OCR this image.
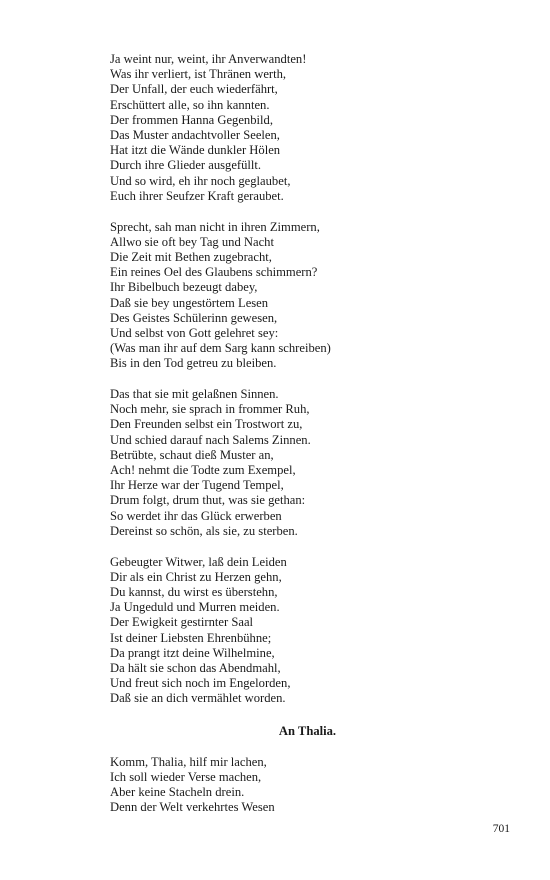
Ja weint nur, weint, ihr Anverwandten!
Was ihr verliert, ist Thränen werth,
Der Unfall, der euch wiederfährt,
Erschüttert alle, so ihn kannten.
Der frommen Hanna Gegenbild,
Das Muster andachtvoller Seelen,
Hat itzt die Wände dunkler Hölen
Durch ihre Glieder ausgefüllt.
Und so wird, eh ihr noch geglaubet,
Euch ihrer Seufzer Kraft geraubet.
Sprecht, sah man nicht in ihren Zimmern,
Allwo sie oft bey Tag und Nacht
Die Zeit mit Bethen zugebracht,
Ein reines Oel des Glaubens schimmern?
Ihr Bibelbuch bezeugt dabey,
Daß sie bey ungestörtem Lesen
Des Geistes Schülerinn gewesen,
Und selbst von Gott gelehret sey:
(Was man ihr auf dem Sarg kann schreiben)
Bis in den Tod getreu zu bleiben.
Das that sie mit gelaßnen Sinnen.
Noch mehr, sie sprach in frommer Ruh,
Den Freunden selbst ein Trostwort zu,
Und schied darauf nach Salems Zinnen.
Betrübte, schaut dieß Muster an,
Ach! nehmt die Todte zum Exempel,
Ihr Herze war der Tugend Tempel,
Drum folgt, drum thut, was sie gethan:
So werdet ihr das Glück erwerben
Dereinst so schön, als sie, zu sterben.
Gebeugter Witwer, laß dein Leiden
Dir als ein Christ zu Herzen gehn,
Du kannst, du wirst es überstehn,
Ja Ungeduld und Murren meiden.
Der Ewigkeit gestirnter Saal
Ist deiner Liebsten Ehrenbühne;
Da prangt itzt deine Wilhelmine,
Da hält sie schon das Abendmahl,
Und freut sich noch im Engelorden,
Daß sie an dich vermählet worden.
An Thalia.
Komm, Thalia, hilf mir lachen,
Ich soll wieder Verse machen,
Aber keine Stacheln drein.
Denn der Welt verkehrtes Wesen
701
